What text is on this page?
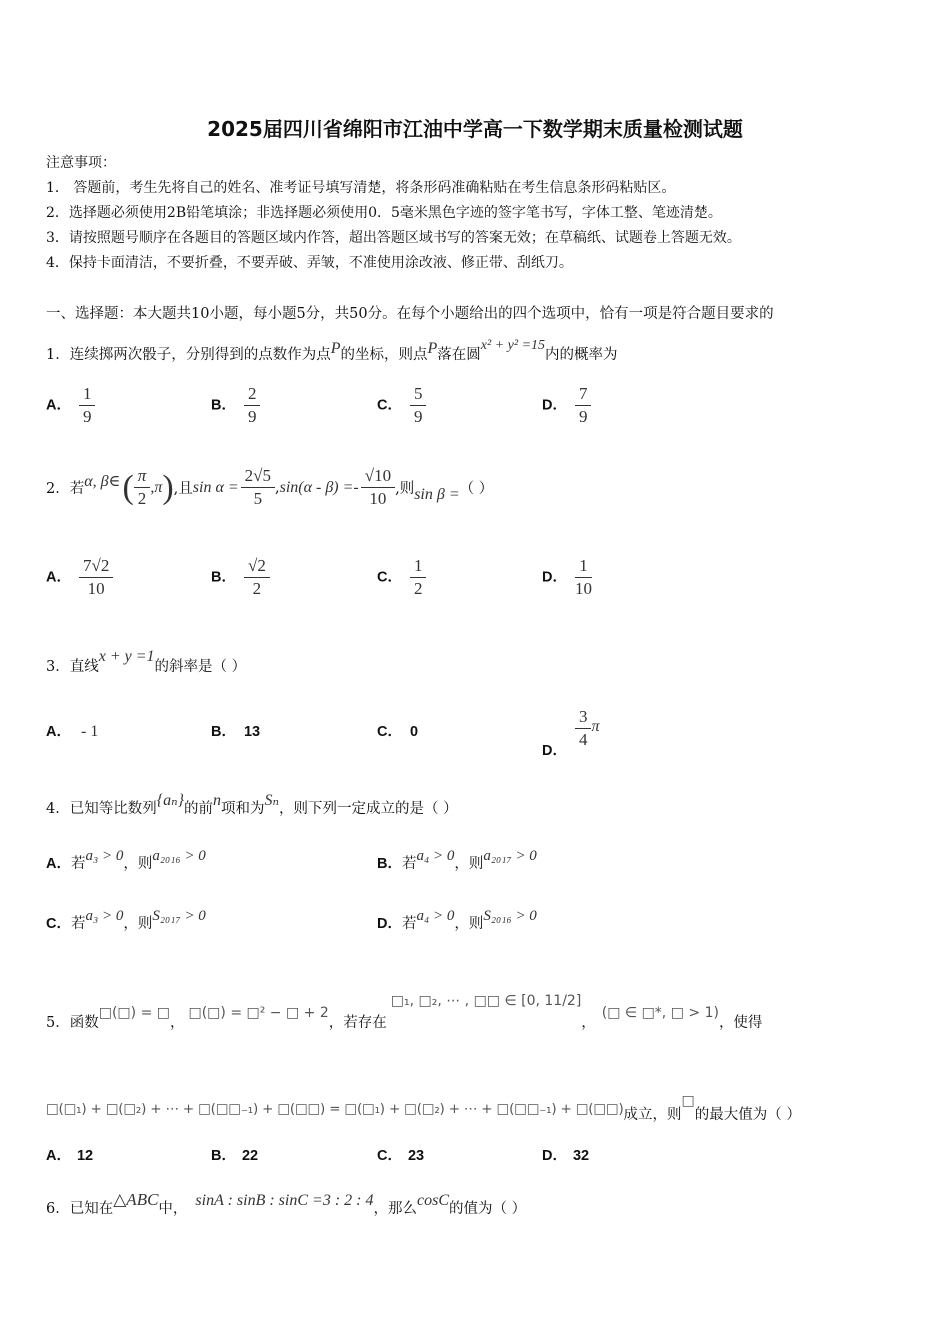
2025届四川省绵阳市江油中学高一下数学期末质量检测试题
注意事项：
1． 答题前，考生先将自己的姓名、准考证号填写清楚，将条形码准确粘贴在考生信息条形码粘贴区。
2．选择题必须使用2B铅笔填涂；非选择题必须使用0．5毫米黑色字迹的签字笔书写，字体工整、笔迹清楚。
3．请按照题号顺序在各题目的答题区域内作答，超出答题区域书写的答案无效；在草稿纸、试题卷上答题无效。
4．保持卡面清洁，不要折叠，不要弄破、弄皱，不准使用涂改液、修正带、刮纸刀。
一、选择题：本大题共10小题，每小题5分，共50分。在每个小题给出的四个选项中，恰有一项是符合题目要求的
1．连续掷两次骰子，分别得到的点数作为点P的坐标，则点P落在圆x² + y² =15内的概率为
A． $\frac{1}{9}$	B． $\frac{2}{9}$	C． $\frac{5}{9}$	D． $\frac{7}{9}$
2． 若 α, β∈ ( $\frac{\pi}{2} ,\pi$ ) ,且 $\sin \alpha = \frac{2√5}{5}$ , $\sin(\alpha - \beta) =- \frac{√10}{10}$ ,则 sin β = （ ）
A． $\frac{7√2}{10}$	B． $\frac{√2}{2}$	C． $\frac{1}{2}$	D． $\frac{1}{10}$
3．直线x + y =1的斜率是（ ）
A． - 1	B． 13	C． 0
D．
$\frac{3}{4}$ π
4．已知等比数列{aₙ}的前n项和为Sₙ，则下列一定成立的是（ ）
A．若a₃ > 0，则a₂₀₁₆ > 0	B．若a₄ > 0，则a₂₀₁₇ > 0
C．若a₃ > 0，则S₂₀₁₇ > 0	D．若a₄ > 0，则S₂₀₁₆ > 0
5．函数□(□) = □，□(□) = □² − □ + 2，若存在□₁, □₂, ⋯ , □□ ∈ [0, 11/2]，(□ ∈ □*, □ > 1)，使得
□(□₁) + □(□₂) + ⋯ + □(□□₋₁) + □(□□) = □(□₁) + □(□₂) + ⋯ + □(□□₋₁) + □(□□)成立，则□的最大值为（ ）
A． 12	B． 22	C． 23	D． 32
6．已知在△ABC中， sinA : sinB : sinC =3 : 2 : 4，那么cosC的值为（ ）
